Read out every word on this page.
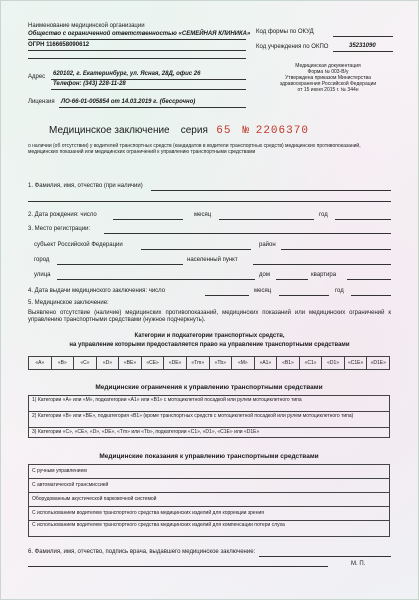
Наименование медицинской организации
Общество с ограниченной ответственностью «СЕМЕЙНАЯ КЛИНИКА»
ОГРН 1166658090612
Адрес 620102, г. Екатеринбург, ул. Ясная, 28Д, офис 26
Телефон: (343) 228-11-28
Лицензия ЛО-66-01-005854 от 14.03.2019 г. (бессрочно)
Код формы по ОКУД
Код учреждения по ОКПО	35231090
Медицинская документация
Форма № 003-В/у
Утверждена приказом Министерства
здравоохранения Российской Федерации
от 15 июня 2015 г. № 344н
Медицинское заключение серия 65 № 2206370
о наличии (об отсутствии) у водителей транспортных средств (кандидатов в водители транспортных средств) медицинских противопоказаний, медицинских показаний или медицинских ограничений к управлению транспортными средствами
1. Фамилия, имя, отчество (при наличии)
2. Дата рождения: число	месяц	год
3. Место регистрации:
субъект Российской Федерации	район
город	населенный пункт
улица	дом	квартира
4. Дата выдачи медицинского заключения: число	месяц	год
5. Медицинское заключение:
Выявлено отсутствие (наличие) медицинских противопоказаний, медицинских показаний или медицинских ограничений к управлению транспортными средствами (нужное подчеркнуть).
Категории и подкатегории транспортных средств,
на управление которыми предоставляется право на управление транспортными средствами
«А»	«В»	«С»	«D»	«ВЕ»	«СЕ»	«DE»	«Tm»	«Tb»	«М»	«А1»	«В1»	«С1»	«D1»	«С1Е»	«D1E»
Медицинские ограничения к управлению транспортными средствами
1) Категории «А» или «М», подкатегории «А1» или «В1» с мотоциклетной посадкой или рулем мотоциклетного типа
2) Категории «В» или «ВЕ», подкатегория «В1» (кроме транспортных средств с мотоциклетной посадкой или рулем мотоциклетного типа)
3) Категории «С», «СЕ», «D», «DE», «Tm» или «Tb», подкатегории «С1», «D1», «С1Е» или «D1E»
Медицинские показания к управлению транспортными средствами
С ручным управлением
С автоматической трансмиссией
Оборудованным акустической парковочной системой
С использованием водителем транспортного средства медицинских изделий для коррекции зрения
С использованием водителем транспортного средства медицинских изделий для компенсации потери слуха
6. Фамилия, имя, отчество, подпись врача, выдавшего медицинское заключение:
М. П.
